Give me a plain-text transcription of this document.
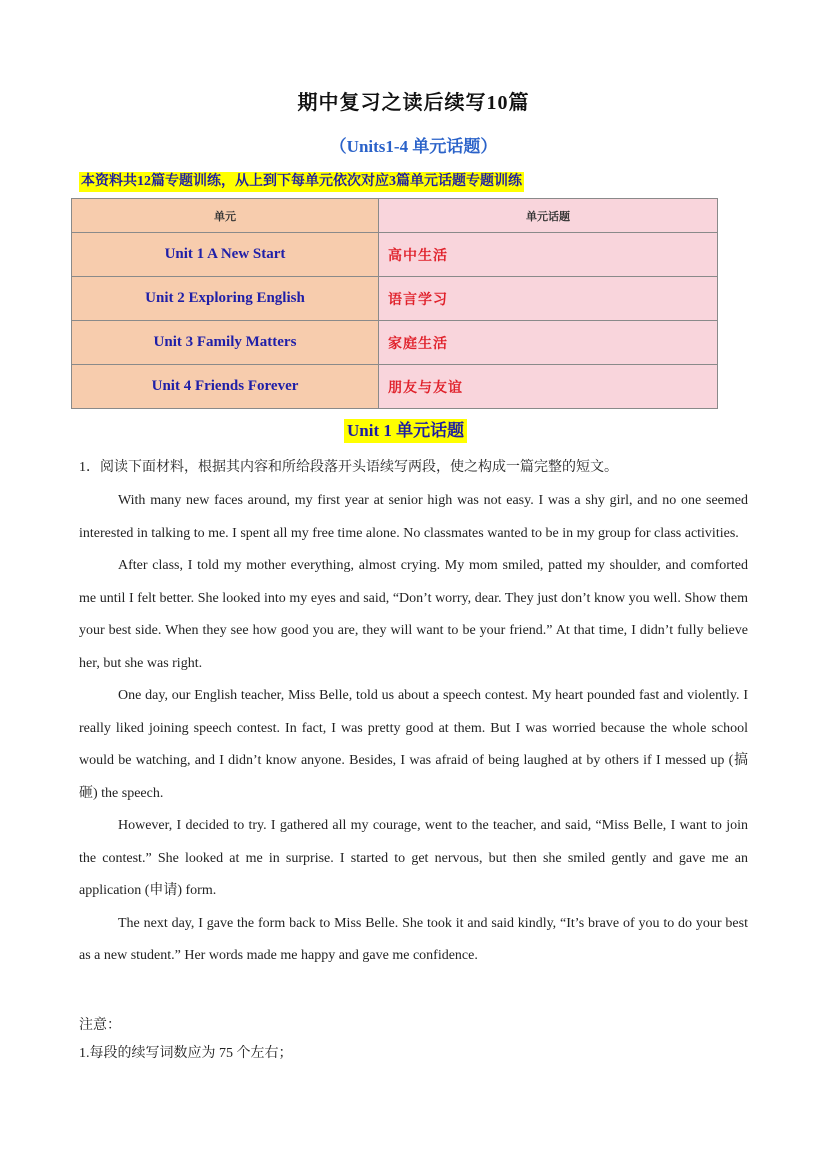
期中复习之读后续写10篇
（Units1-4 单元话题）
本资料共12篇专题训练，从上到下每单元依次对应3篇单元话题专题训练
单元	单元话题
Unit 1 A New Start	高中生活
Unit 2 Exploring English	语言学习
Unit 3 Family Matters	家庭生活
Unit 4 Friends Forever	朋友与友谊
Unit 1 单元话题
1．阅读下面材料，根据其内容和所给段落开头语续写两段，使之构成一篇完整的短文。

With many new faces around, my first year at senior high was not easy. I was a shy girl, and no one seemed interested in talking to me. I spent all my free time alone. No classmates wanted to be in my group for class activities.

After class, I told my mother everything, almost crying. My mom smiled, patted my shoulder, and comforted me until I felt better. She looked into my eyes and said, “Don’t worry, dear. They just don’t know you well. Show them your best side. When they see how good you are, they will want to be your friend.” At that time, I didn’t fully believe her, but she was right.

One day, our English teacher, Miss Belle, told us about a speech contest. My heart pounded fast and violently. I really liked joining speech contest. In fact, I was pretty good at them. But I was worried because the whole school would be watching, and I didn’t know anyone. Besides, I was afraid of being laughed at by others if I messed up (搞砸) the speech.

However, I decided to try. I gathered all my courage, went to the teacher, and said, “Miss Belle, I want to join the contest.” She looked at me in surprise. I started to get nervous, but then she smiled gently and gave me an application (申请) form.

The next day, I gave the form back to Miss Belle. She took it and said kindly, “It’s brave of you to do your best as a new student.” Her words made me happy and gave me confidence.

注意：
1.每段的续写词数应为 75 个左右；
